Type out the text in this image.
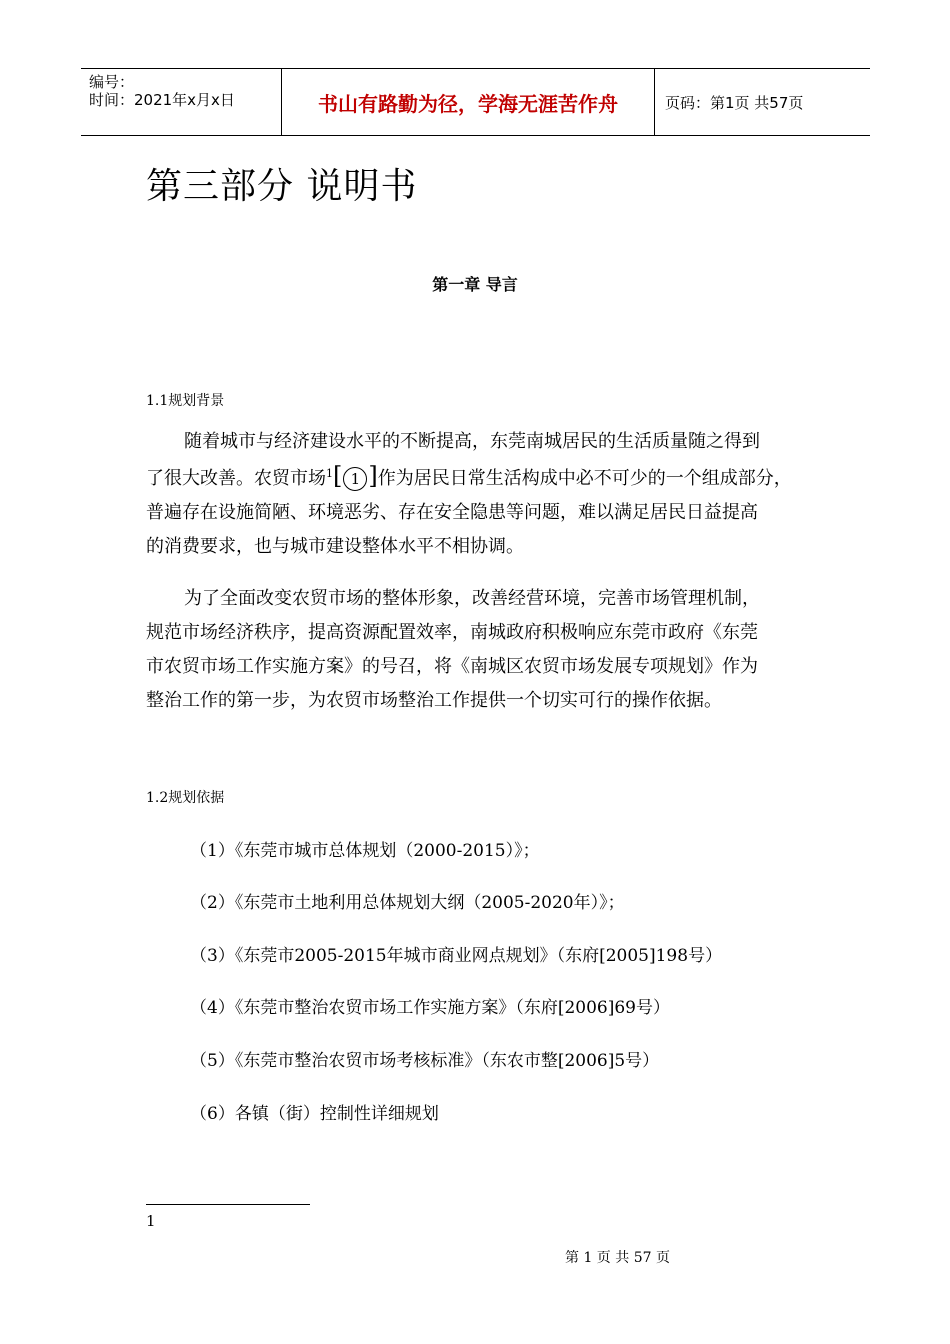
编号：
时间：2021年x月x日	书山有路勤为径，学海无涯苦作舟	页码：第1页 共57页
第三部分 说明书
第一章 导言
1.1规划背景
随着城市与经济建设水平的不断提高，东莞南城居民的生活质量随之得到
了很大改善。农贸市场$^1$[ 1 ]作为居民日常生活构成中必不可少的一个组成部分，
普遍存在设施简陋、环境恶劣、存在安全隐患等问题，难以满足居民日益提高
的消费要求，也与城市建设整体水平不相协调。
为了全面改变农贸市场的整体形象，改善经营环境，完善市场管理机制，
规范市场经济秩序，提高资源配置效率，南城政府积极响应东莞市政府《东莞
市农贸市场工作实施方案》的号召，将《南城区农贸市场发展专项规划》作为
整治工作的第一步，为农贸市场整治工作提供一个切实可行的操作依据。
1.2规划依据
（1）《东莞市城市总体规划（2000-2015）》；
（2）《东莞市土地利用总体规划大纲（2005-2020年）》；
（3）《东莞市2005-2015年城市商业网点规划》（东府[2005]198号）
（4）《东莞市整治农贸市场工作实施方案》（东府[2006]69号）
（5）《东莞市整治农贸市场考核标准》（东农市整[2006]5号）
（6）各镇（街）控制性详细规划
1
第 1 页 共 57 页
